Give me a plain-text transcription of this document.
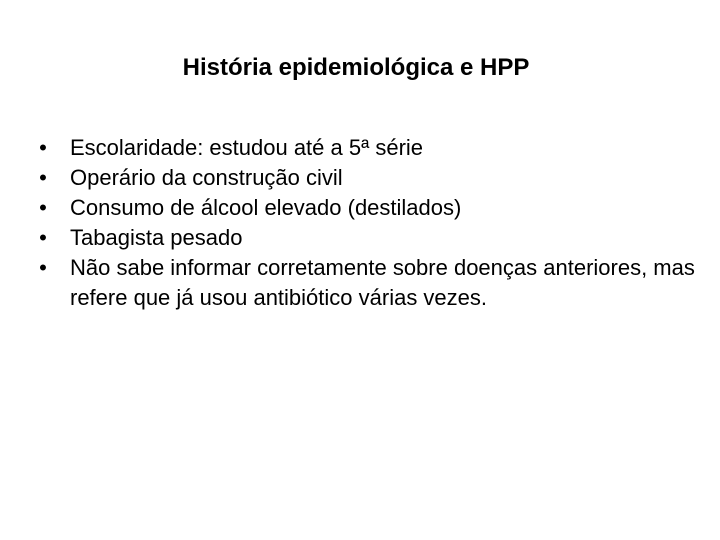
História epidemiológica e HPP
• Escolaridade: estudou até a 5ª série
• Operário da construção civil
• Consumo de álcool elevado (destilados)
• Tabagista pesado
• Não sabe informar corretamente sobre doenças anteriores, mas refere que já usou antibiótico várias vezes.
